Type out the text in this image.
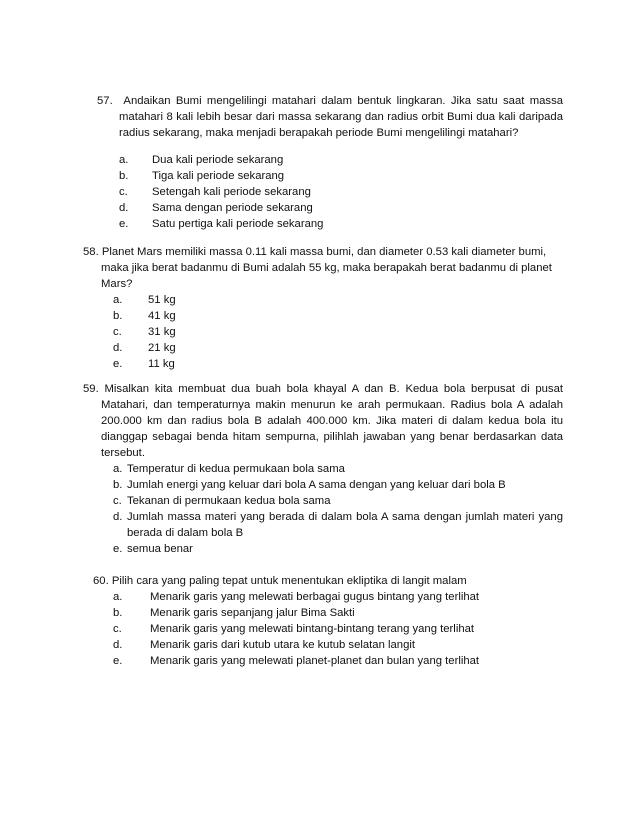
57. Andaikan Bumi mengelilingi matahari dalam bentuk lingkaran. Jika satu saat massa matahari 8 kali lebih besar dari massa sekarang dan radius orbit Bumi dua kali daripada radius sekarang, maka menjadi berapakah periode Bumi mengelilingi matahari?
a.	Dua kali periode sekarang
b.	Tiga kali periode sekarang
c.	Setengah kali periode sekarang
d.	Sama dengan periode sekarang
e.	Satu pertiga kali periode sekarang
58. Planet Mars memiliki massa 0.11 kali massa bumi, dan diameter 0.53 kali diameter bumi, maka jika berat badanmu di Bumi adalah 55 kg, maka berapakah berat badanmu di planet Mars?
a.	51 kg
b.	41 kg
c.	31 kg
d.	21 kg
e.	11 kg
59. Misalkan kita membuat dua buah bola khayal A dan B. Kedua bola berpusat di pusat Matahari, dan temperaturnya makin menurun ke arah permukaan. Radius bola A adalah 200.000 km dan radius bola B adalah 400.000 km. Jika materi di dalam kedua bola itu dianggap sebagai benda hitam sempurna, pilihlah jawaban yang benar berdasarkan data tersebut.
a. Temperatur di kedua permukaan bola sama
b. Jumlah energi yang keluar dari bola A sama dengan yang keluar dari bola B
c. Tekanan di permukaan kedua bola sama
d. Jumlah massa materi yang berada di dalam bola A sama dengan jumlah materi yang berada di dalam bola B
e. semua benar
60. Pilih cara yang paling tepat untuk menentukan ekliptika di langit malam
a.	Menarik garis yang melewati berbagai gugus bintang yang terlihat
b.	Menarik garis sepanjang jalur Bima Sakti
c.	Menarik garis yang melewati bintang-bintang terang yang terlihat
d.	Menarik garis dari kutub utara ke kutub selatan langit
e.	Menarik garis yang melewati planet-planet dan bulan yang terlihat
